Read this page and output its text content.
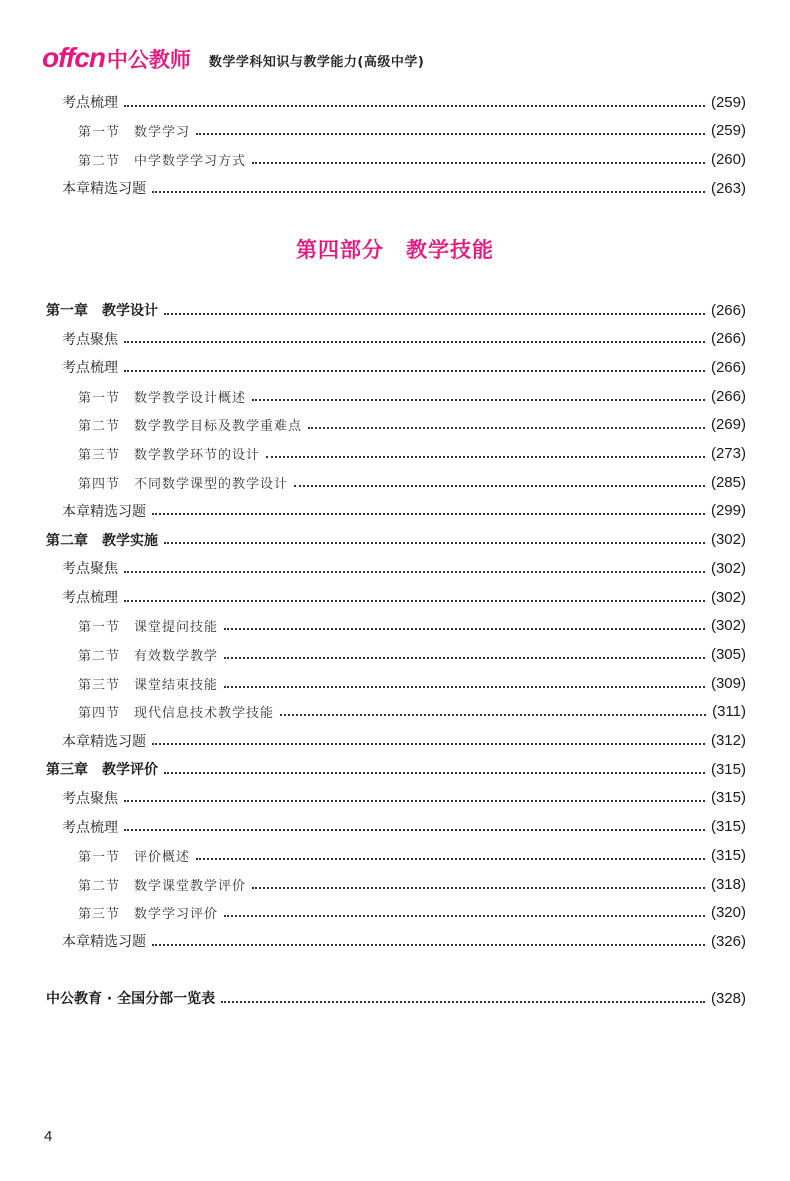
offcn 中公教师 数学学科知识与教学能力(高级中学)
考点梳理	(259)
第一节　数学学习	(259)
第二节　中学数学学习方式	(260)
本章精选习题	(263)
第四部分　教学技能
第一章　教学设计	(266)
考点聚焦	(266)
考点梳理	(266)
第一节　数学教学设计概述	(266)
第二节　数学教学目标及教学重难点	(269)
第三节　数学教学环节的设计	(273)
第四节　不同数学课型的教学设计	(285)
本章精选习题	(299)
第二章　教学实施	(302)
考点聚焦	(302)
考点梳理	(302)
第一节　课堂提问技能	(302)
第二节　有效数学教学	(305)
第三节　课堂结束技能	(309)
第四节　现代信息技术教学技能	(311)
本章精选习题	(312)
第三章　教学评价	(315)
考点聚焦	(315)
考点梳理	(315)
第一节　评价概述	(315)
第二节　数学课堂教学评价	(318)
第三节　数学学习评价	(320)
本章精选习题	(326)
中公教育 · 全国分部一览表	(328)
4
